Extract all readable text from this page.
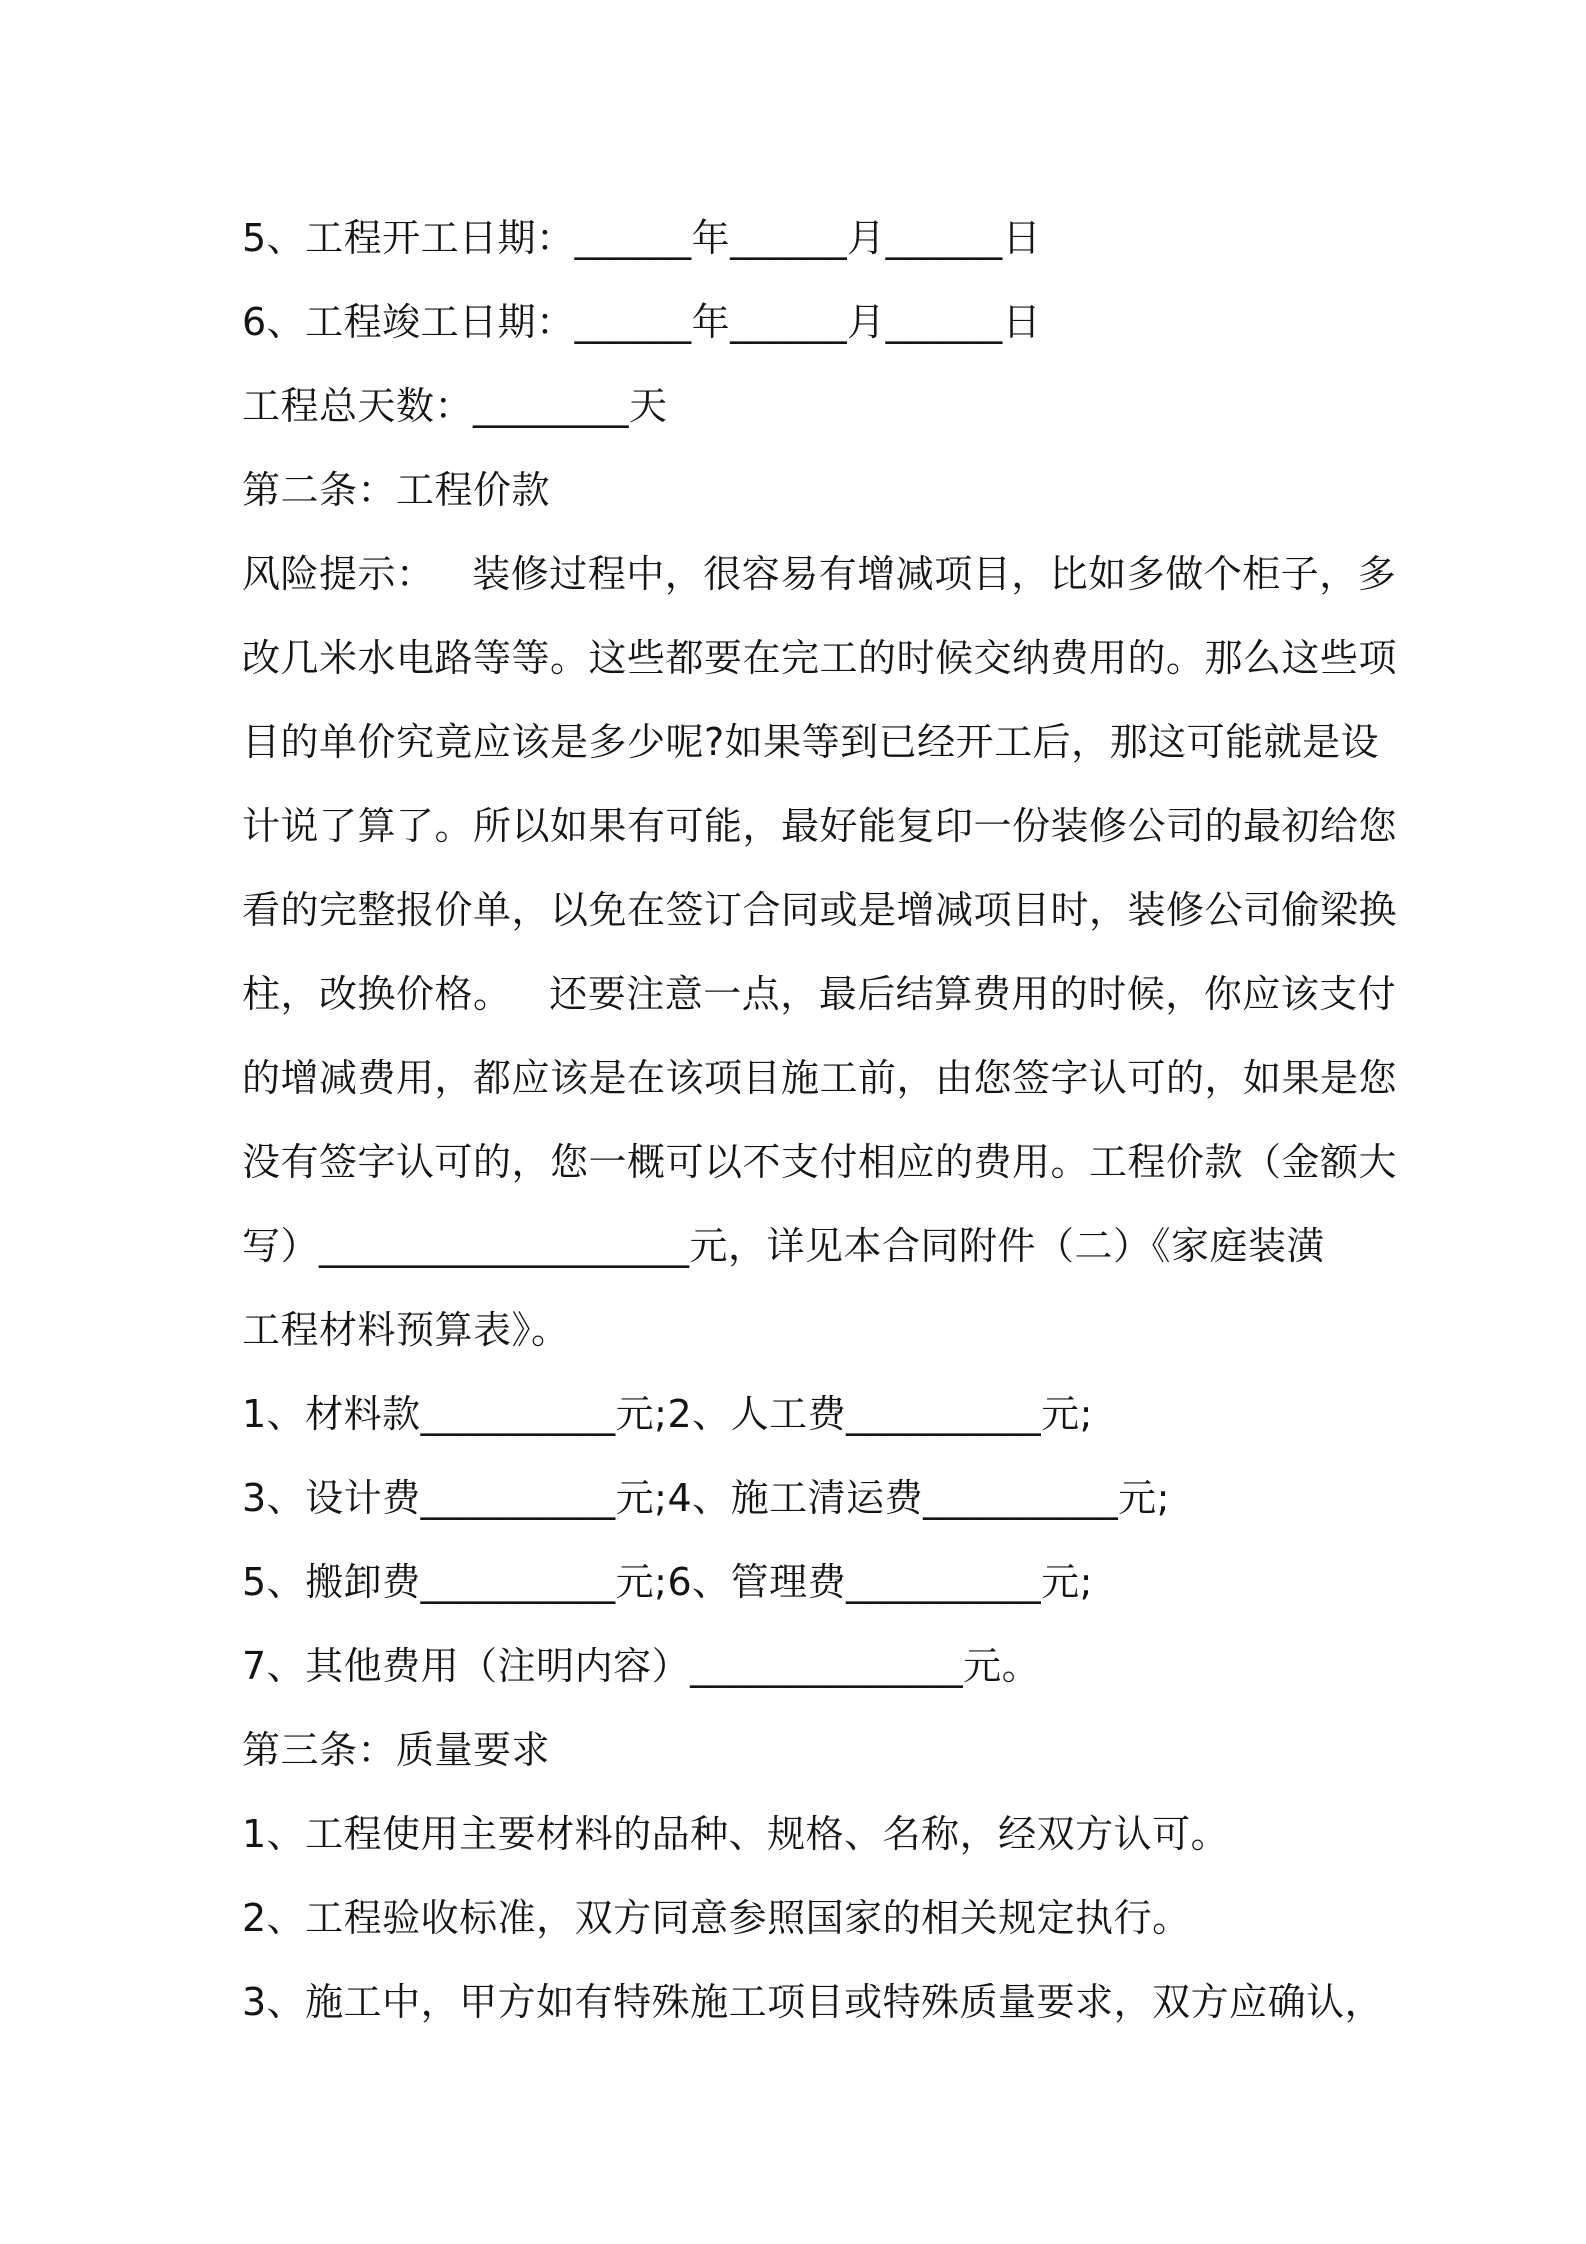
5、工程开工日期：______年______月______日
6、工程竣工日期：______年______月______日
工程总天数：________天
第二条：工程价款
风险提示：   装修过程中，很容易有增减项目，比如多做个柜子，多
改几米水电路等等。这些都要在完工的时候交纳费用的。那么这些项
目的单价究竟应该是多少呢?如果等到已经开工后，那这可能就是设
计说了算了。所以如果有可能，最好能复印一份装修公司的最初给您
看的完整报价单，以免在签订合同或是增减项目时，装修公司偷梁换
柱，改换价格。   还要注意一点，最后结算费用的时候，你应该支付
的增减费用，都应该是在该项目施工前，由您签字认可的，如果是您
没有签字认可的，您一概可以不支付相应的费用。工程价款（金额大
写）___________________元，详见本合同附件（二）《家庭装潢
工程材料预算表》。
1、材料款__________元;2、人工费__________元;
3、设计费__________元;4、施工清运费__________元;
5、搬卸费__________元;6、管理费__________元;
7、其他费用（注明内容）______________元。
第三条：质量要求
1、工程使用主要材料的品种、规格、名称，经双方认可。
2、工程验收标准，双方同意参照国家的相关规定执行。
3、施工中，甲方如有特殊施工项目或特殊质量要求，双方应确认，
